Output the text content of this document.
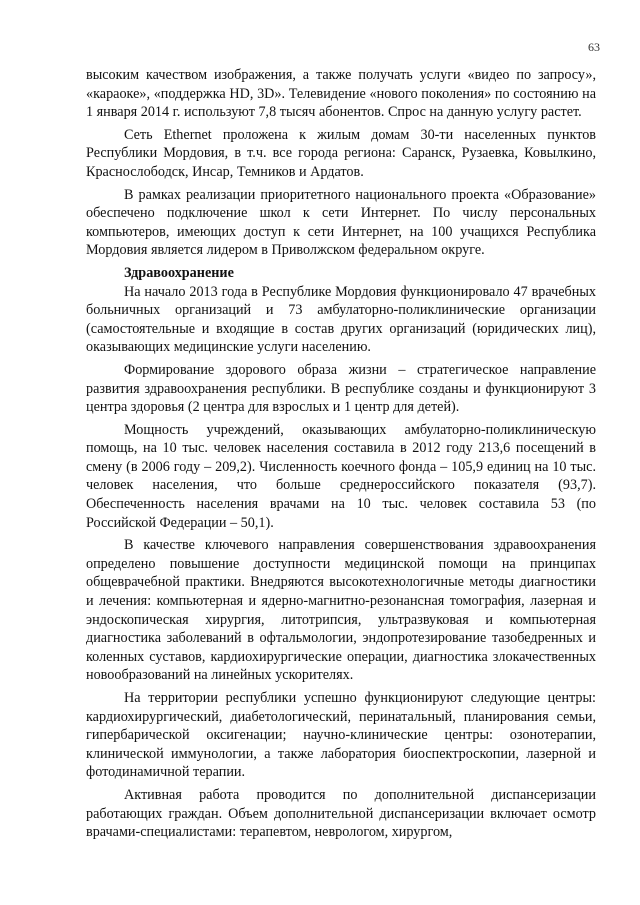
63

высоким качеством изображения, а также получать услуги «видео по запросу», «караоке», «поддержка HD, 3D». Телевидение «нового поколения» по состоянию на 1 января 2014 г. используют 7,8 тысяч абонентов. Спрос на данную услугу растет.

Сеть Ethernet проложена к жилым домам 30-ти населенных пунктов Республики Мордовия, в т.ч. все города региона: Саранск, Рузаевка, Ковылкино, Краснослободск, Инсар, Темников и Ардатов.

В рамках реализации приоритетного национального проекта «Образование» обеспечено подключение школ к сети Интернет. По числу персональных компьютеров, имеющих доступ к сети Интернет, на 100 учащихся Республика Мордовия является лидером в Приволжском федеральном округе.

Здравоохранение

На начало 2013 года в Республике Мордовия функционировало 47 врачебных больничных организаций и 73 амбулаторно-поликлинические организации (самостоятельные и входящие в состав других организаций (юридических лиц), оказывающих медицинские услуги населению.

Формирование здорового образа жизни – стратегическое направление развития здравоохранения республики. В республике созданы и функционируют 3 центра здоровья (2 центра для взрослых и 1 центр для детей).

Мощность учреждений, оказывающих амбулаторно-поликлиническую помощь, на 10 тыс. человек населения составила в 2012 году 213,6 посещений в смену (в 2006 году – 209,2). Численность коечного фонда – 105,9 единиц на 10 тыс. человек населения, что больше среднероссийского показателя (93,7). Обеспеченность населения врачами на 10 тыс. человек составила 53 (по Российской Федерации – 50,1).

В качестве ключевого направления совершенствования здравоохранения определено повышение доступности медицинской помощи на принципах общеврачебной практики. Внедряются высокотехнологичные методы диагностики и лечения: компьютерная и ядерно-магнитно-резонансная томография, лазерная и эндоскопическая хирургия, литотрипсия, ультразвуковая и компьютерная диагностика заболеваний в офтальмологии, эндопротезирование тазобедренных и коленных суставов, кардиохирургические операции, диагностика злокачественных новообразований на линейных ускорителях.

На территории республики успешно функционируют следующие центры: кардиохирургический, диабетологический, перинатальный, планирования семьи, гипербарической оксигенации; научно-клинические центры: озонотерапии, клинической иммунологии, а также лаборатория биоспектроскопии, лазерной и фотодинамичной терапии.

Активная работа проводится по дополнительной диспансеризации работающих граждан. Объем дополнительной диспансеризации включает осмотр врачами-специалистами: терапевтом, неврологом, хирургом,
